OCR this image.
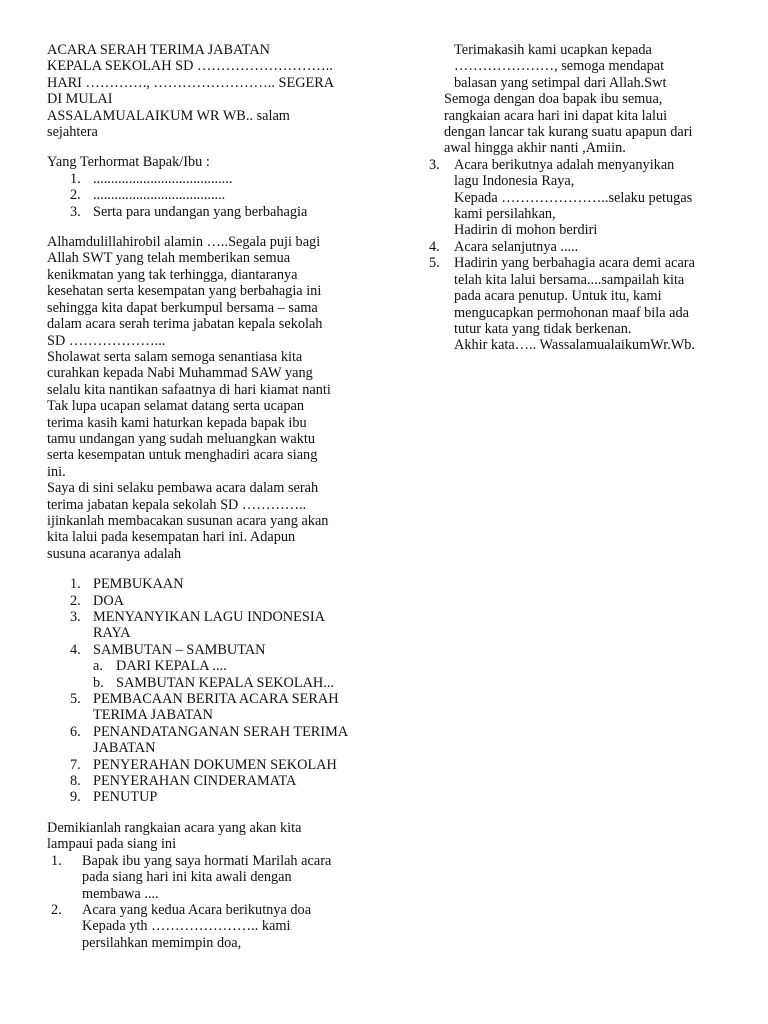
ACARA SERAH TERIMA JABATAN

KEPALA SEKOLAH SD ………………………..

HARI …………., …………………….. SEGERA

DI MULAI

ASSALAMUALAIKUM WR WB.. salam

sejahtera

Yang Terhormat Bapak/Ibu :

1. .......................................
2. .....................................
3. Serta para undangan yang berbahagia

Alhamdulillahirobil alamin …..Segala puji bagi

Allah SWT yang telah memberikan semua

kenikmatan yang tak terhingga, diantaranya

kesehatan serta kesempatan yang berbahagia ini

sehingga kita dapat berkumpul bersama – sama

dalam acara serah terima jabatan kepala sekolah

SD ………………...

Sholawat serta salam semoga senantiasa kita

curahkan kepada Nabi Muhammad SAW yang

selalu kita nantikan safaatnya di hari kiamat nanti

Tak lupa ucapan selamat datang serta ucapan

terima kasih kami haturkan kepada bapak ibu

tamu undangan yang sudah meluangkan waktu

serta kesempatan untuk menghadiri acara siang

ini.

Saya di sini selaku pembawa acara dalam serah

terima jabatan kepala sekolah SD …………..

ijinkanlah membacakan susunan acara yang akan

kita lalui pada kesempatan hari ini. Adapun

susuna acaranya adalah

1. PEMBUKAAN
2. DOA
3. MENYANYIKAN LAGU INDONESIA
RAYA
4. SAMBUTAN – SAMBUTAN
a. DARI KEPALA ....
b. SAMBUTAN KEPALA SEKOLAH...
5. PEMBACAAN BERITA ACARA SERAH
TERIMA JABATAN
6. PENANDATANGANAN SERAH TERIMA
JABATAN
7. PENYERAHAN DOKUMEN SEKOLAH
8. PENYERAHAN CINDERAMATA
9. PENUTUP

Demikianlah rangkaian acara yang akan kita

lampaui pada siang ini

1. Bapak ibu yang saya hormati Marilah acara
pada siang hari ini kita awali dengan
membawa ....
2. Acara yang kedua Acara berikutnya doa
Kepada yth ………………….. kami
persilahkan memimpin doa,

Terimakasih kami ucapkan kepada

…………………, semoga mendapat

balasan yang setimpal dari Allah.Swt

Semoga dengan doa bapak ibu semua,

rangkaian acara hari ini dapat kita lalui

dengan lancar tak kurang suatu apapun dari

awal hingga akhir nanti ,Amiin.

3. Acara berikutnya adalah menyanyikan
lagu Indonesia Raya,
Kepada …………………..selaku petugas
kami persilahkan,
Hadirin di mohon berdiri
4. Acara selanjutnya .....
5. Hadirin yang berbahagia acara demi acara
telah kita lalui bersama....sampailah kita
pada acara penutup. Untuk itu, kami
mengucapkan permohonan maaf bila ada
tutur kata yang tidak berkenan.
Akhir kata….. WassalamualaikumWr.Wb.
